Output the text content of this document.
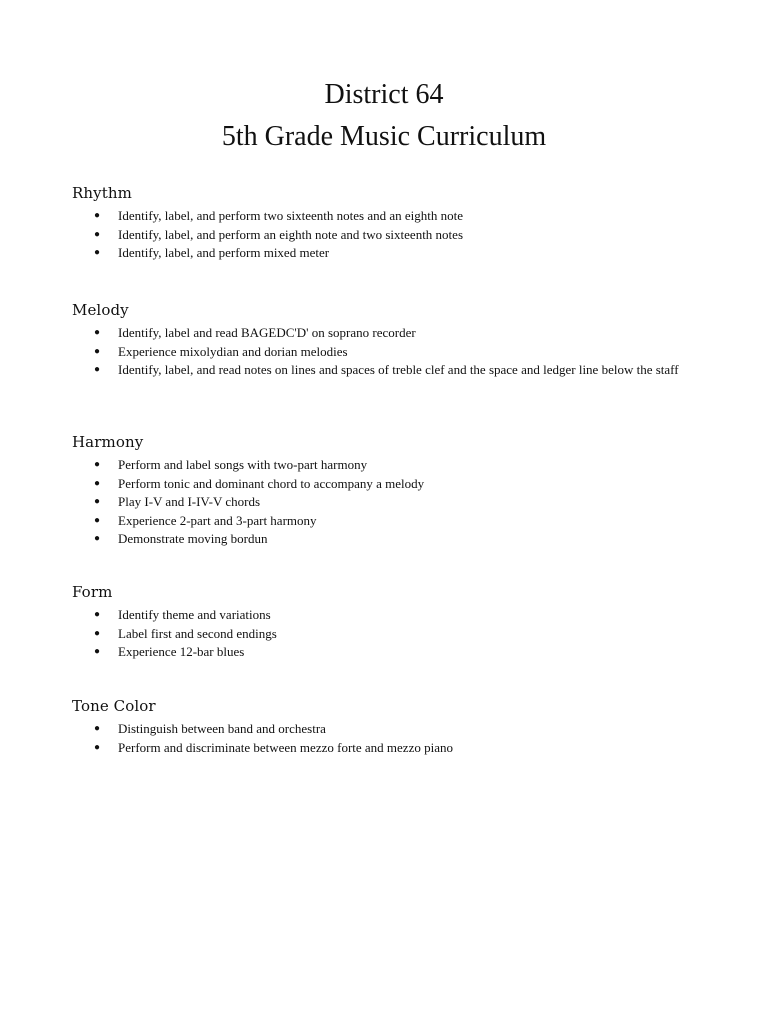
District 64
5th Grade Music Curriculum
Rhythm
● Identify, label, and perform two sixteenth notes and an eighth note
● Identify, label, and perform an eighth note and two sixteenth notes
● Identify, label, and perform mixed meter
Melody
● Identify, label and read BAGEDC'D' on soprano recorder
● Experience mixolydian and dorian melodies
● Identify, label, and read notes on lines and spaces of treble clef and the space and ledger line below the staff
Harmony
● Perform and label songs with two-part harmony
● Perform tonic and dominant chord to accompany a melody
● Play I-V and I-IV-V chords
● Experience 2-part and 3-part harmony
● Demonstrate moving bordun
Form
● Identify theme and variations
● Label first and second endings
● Experience 12-bar blues
Tone Color
● Distinguish between band and orchestra
● Perform and discriminate between mezzo forte and mezzo piano
